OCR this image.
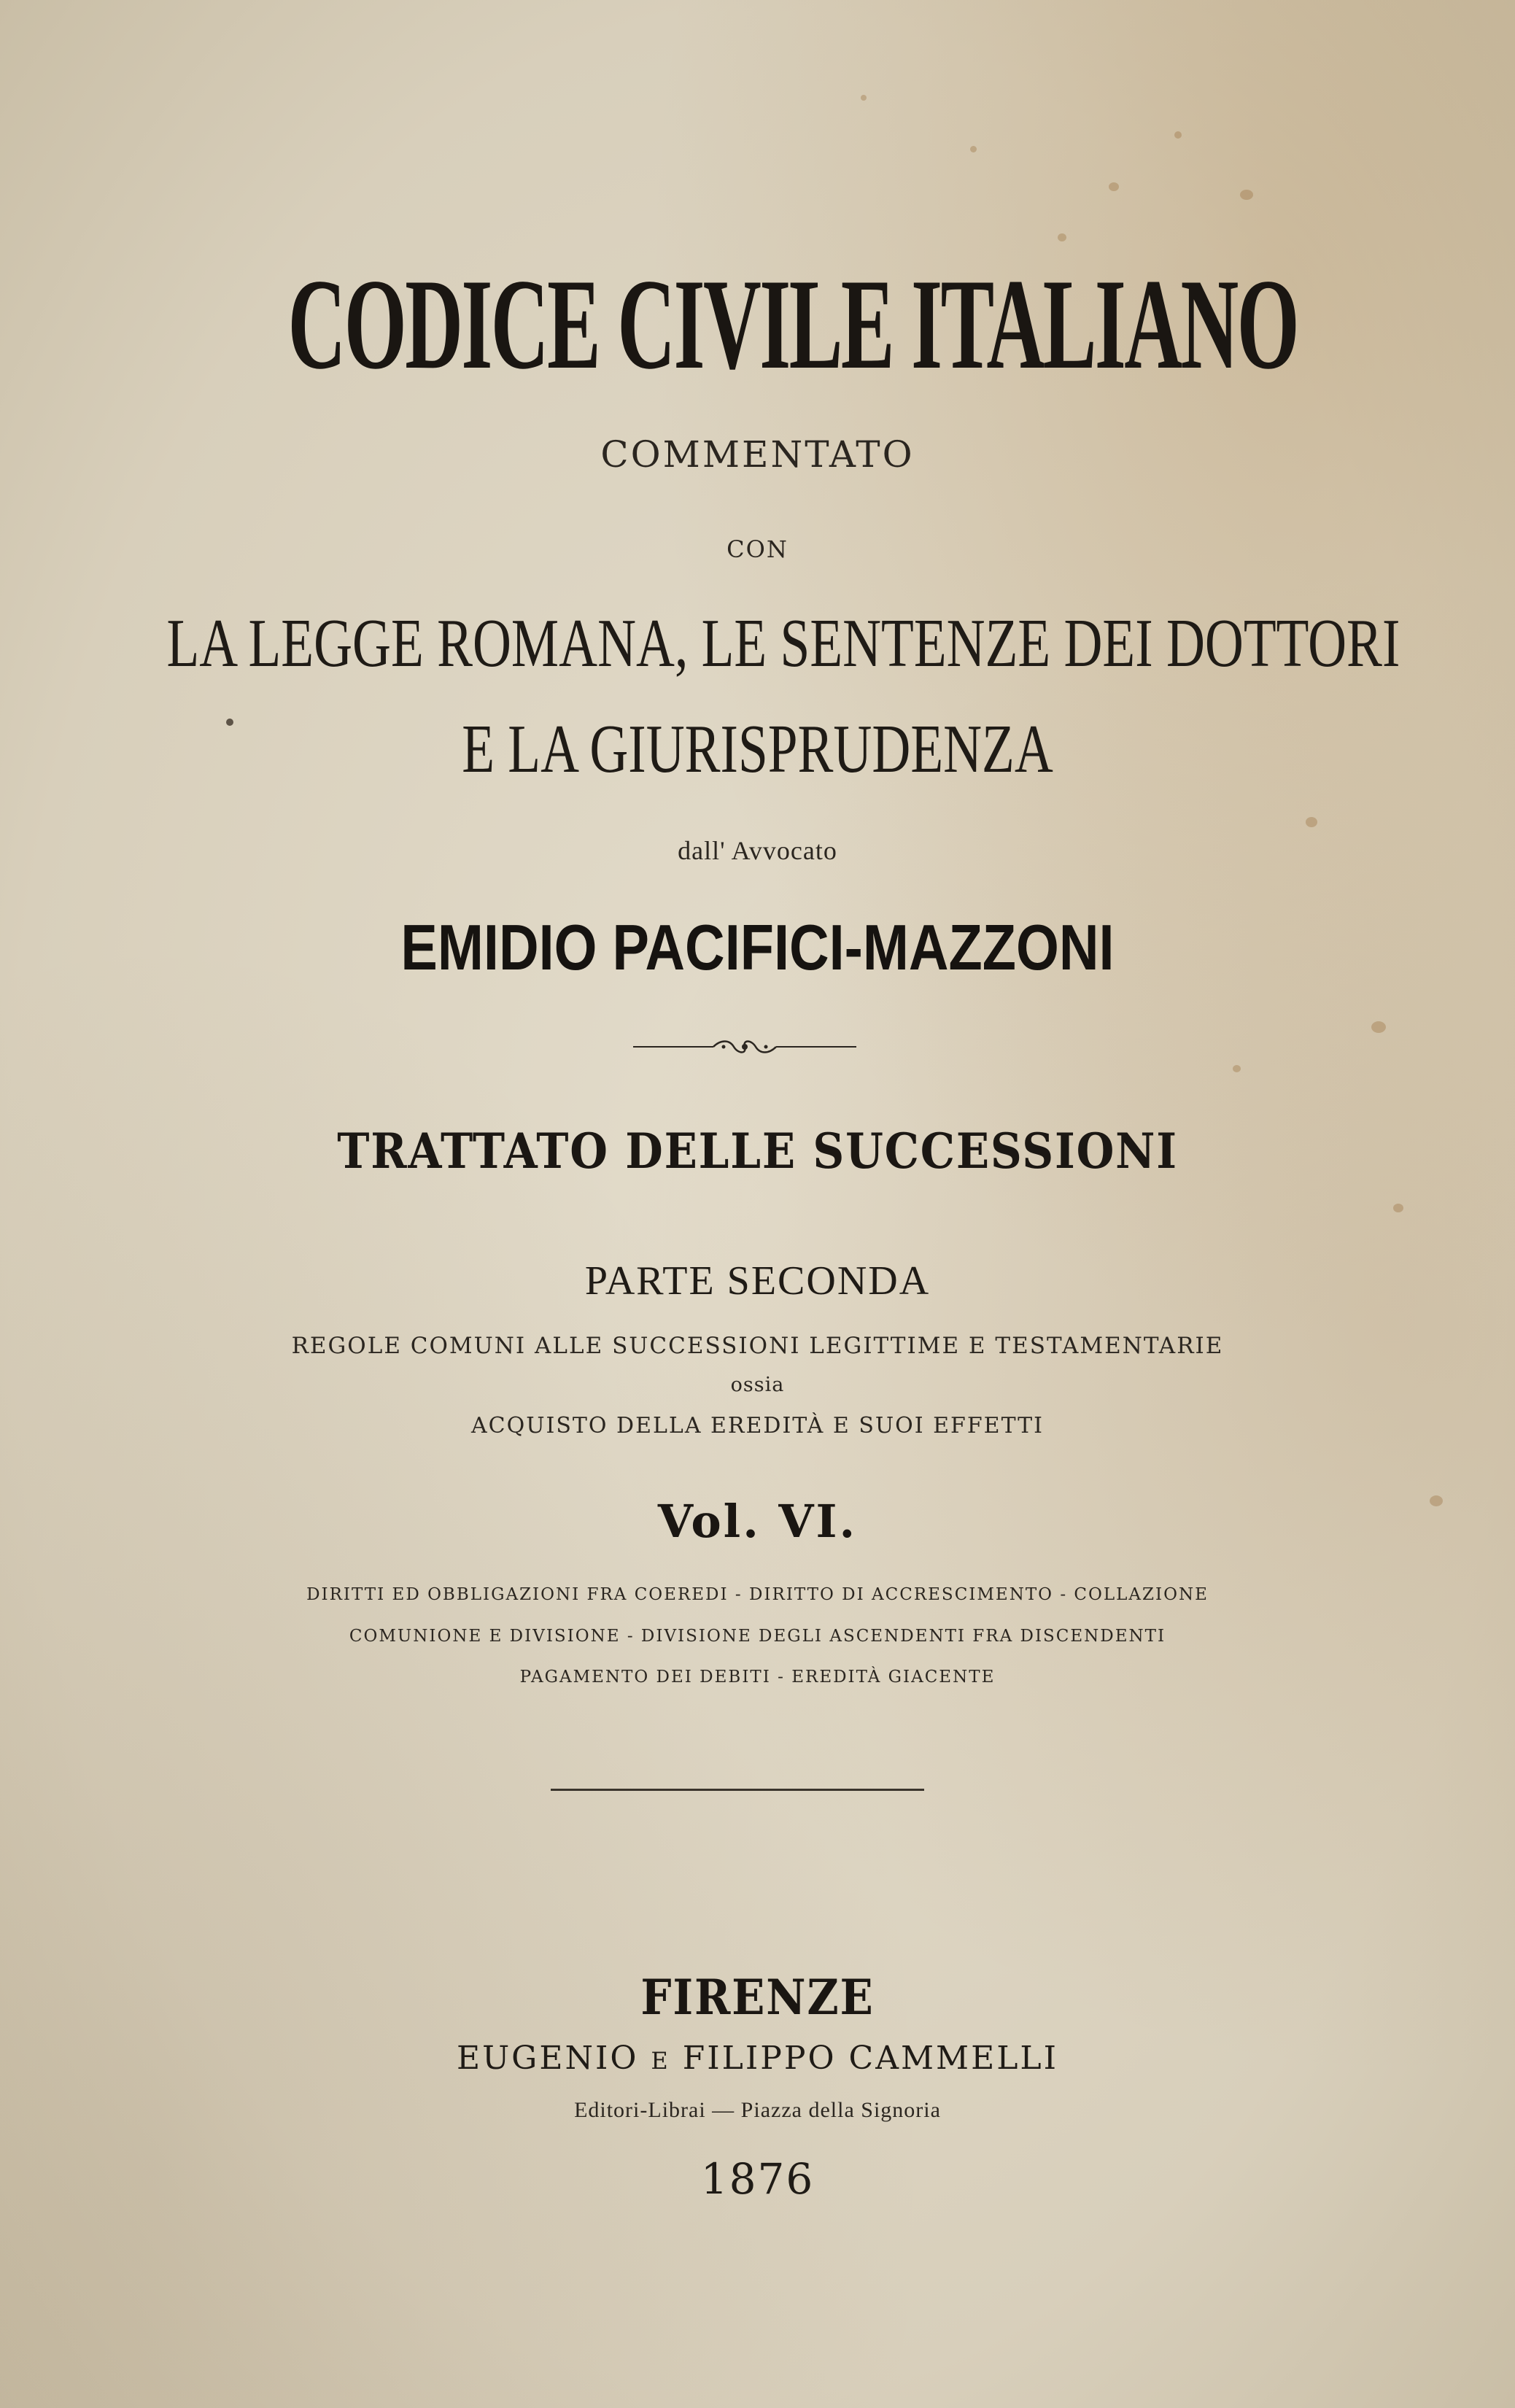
CODICE CIVILE ITALIANO
COMMENTATO
CON
LA LEGGE ROMANA, LE SENTENZE DEI DOTTORI
E LA GIURISPRUDENZA
dall' Avvocato
EMIDIO PACIFICI-MAZZONI
TRATTATO DELLE SUCCESSIONI
PARTE SECONDA
REGOLE COMUNI ALLE SUCCESSIONI LEGITTIME E TESTAMENTARIE
ossia
ACQUISTO DELLA EREDITÀ E SUOI EFFETTI
Vol. VI.
DIRITTI ED OBBLIGAZIONI FRA COEREDI - DIRITTO DI ACCRESCIMENTO - COLLAZIONE
COMUNIONE E DIVISIONE - DIVISIONE DEGLI ASCENDENTI FRA DISCENDENTI
PAGAMENTO DEI DEBITI - EREDITÀ GIACENTE
FIRENZE
EUGENIO E FILIPPO CAMMELLI
Editori-Librai — Piazza della Signoria
1876
